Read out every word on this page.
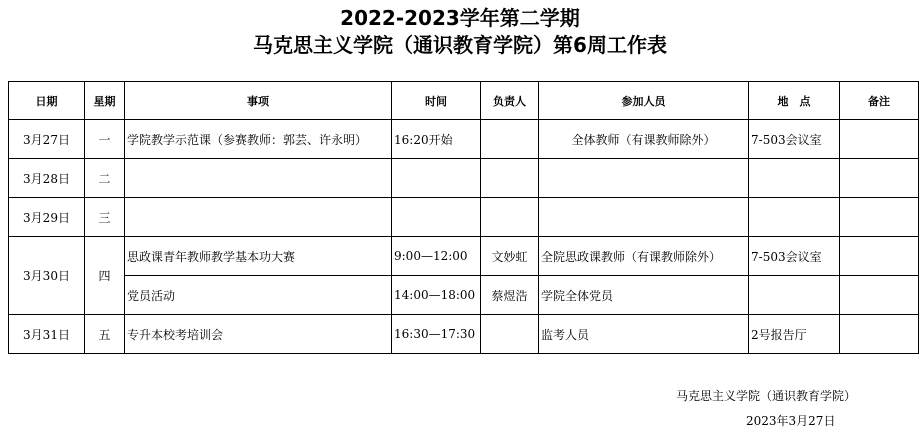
2022-2023学年第二学期
马克思主义学院（通识教育学院）第6周工作表
日期	星期	事项	时间	负责人	参加人员	地　点	备注
3月27日	一	学院教学示范课（参赛教师：郭芸、许永明）	16:20开始		全体教师（有课教师除外）	7-503会议室	
3月28日	二						
3月29日	三						
3月30日	四	思政课青年教师教学基本功大赛	9:00—12:00	文妙虹	全院思政课教师（有课教师除外）	7-503会议室	
		党员活动	14:00—18:00	蔡煜浩	学院全体党员		
3月31日	五	专升本校考培训会	16:30—17:30		监考人员	2号报告厅	
马克思主义学院（通识教育学院）
2023年3月27日
